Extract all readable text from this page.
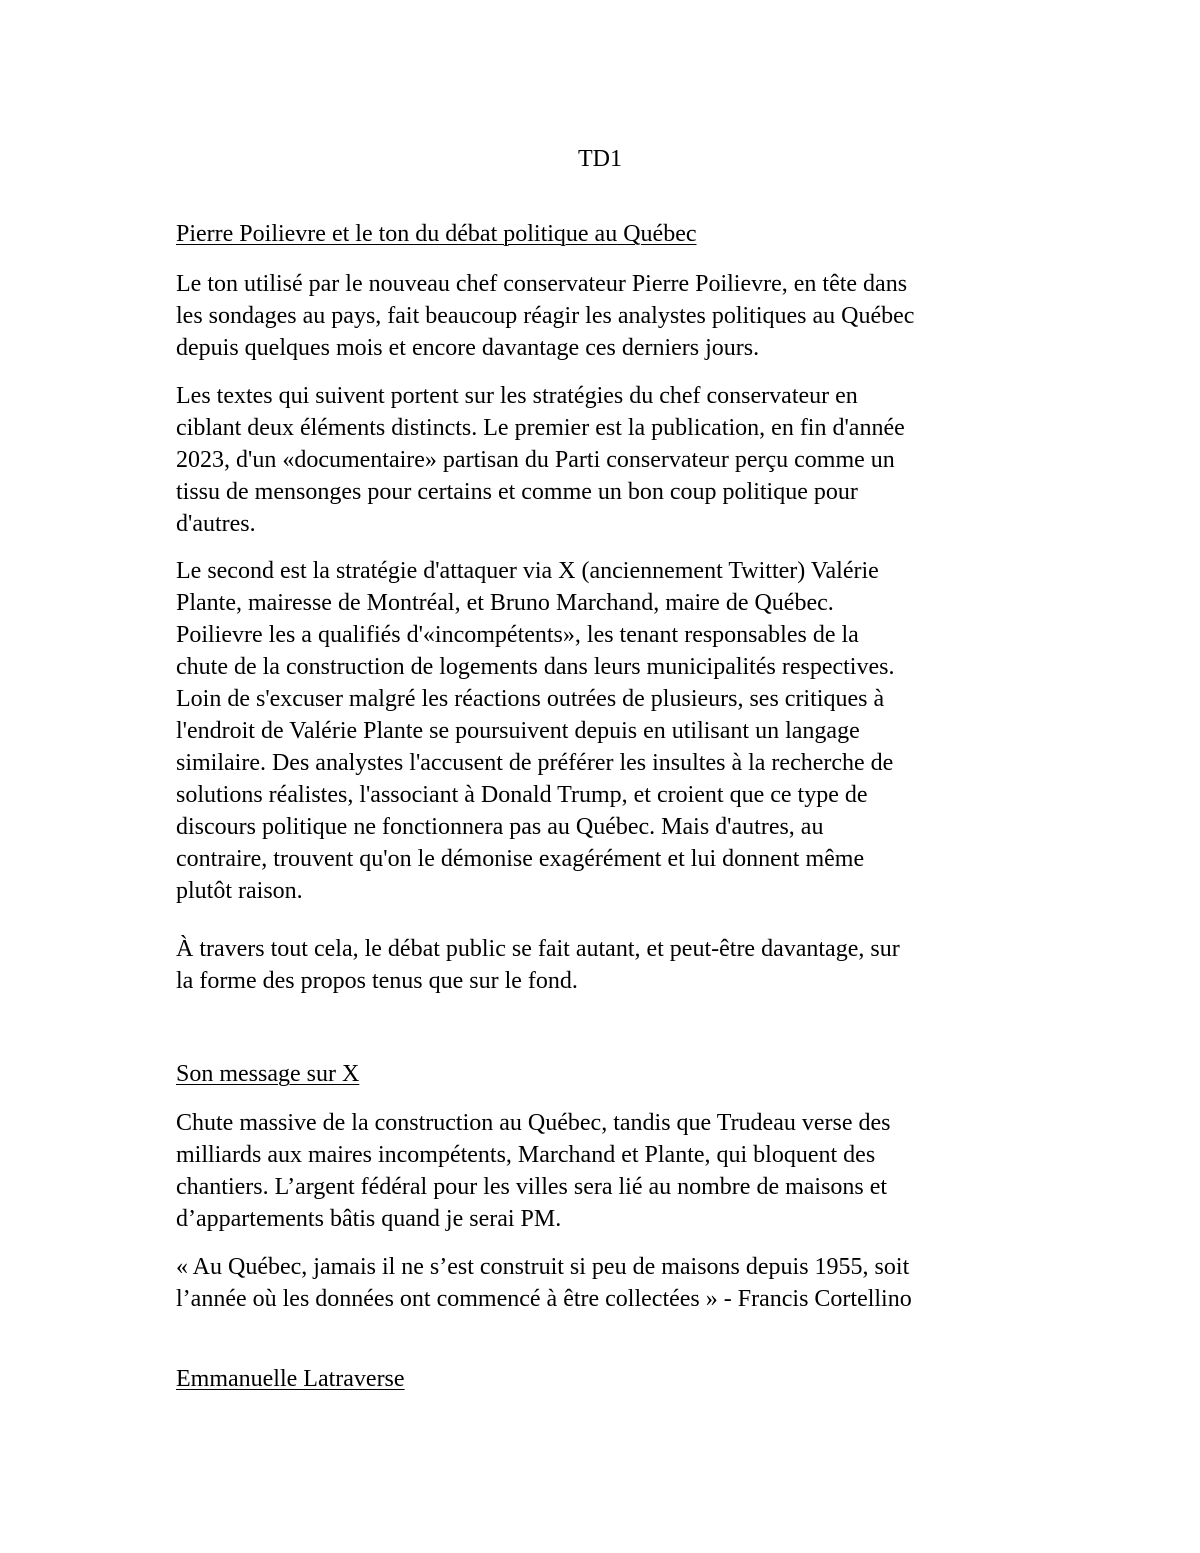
TD1
Pierre Poilievre et le ton du débat politique au Québec
Le ton utilisé par le nouveau chef conservateur Pierre Poilievre, en tête dans
les sondages au pays, fait beaucoup réagir les analystes politiques au Québec
depuis quelques mois et encore davantage ces derniers jours.
Les textes qui suivent portent sur les stratégies du chef conservateur en
ciblant deux éléments distincts. Le premier est la publication, en fin d'année
2023, d'un «documentaire» partisan du Parti conservateur perçu comme un
tissu de mensonges pour certains et comme un bon coup politique pour
d'autres.
Le second est la stratégie d'attaquer via X (anciennement Twitter) Valérie
Plante, mairesse de Montréal, et Bruno Marchand, maire de Québec.
Poilievre les a qualifiés d'«incompétents», les tenant responsables de la
chute de la construction de logements dans leurs municipalités respectives.
Loin de s'excuser malgré les réactions outrées de plusieurs, ses critiques à
l'endroit de Valérie Plante se poursuivent depuis en utilisant un langage
similaire. Des analystes l'accusent de préférer les insultes à la recherche de
solutions réalistes, l'associant à Donald Trump, et croient que ce type de
discours politique ne fonctionnera pas au Québec. Mais d'autres, au
contraire, trouvent qu'on le démonise exagérément et lui donnent même
plutôt raison.
À travers tout cela, le débat public se fait autant, et peut-être davantage, sur
la forme des propos tenus que sur le fond.
Son message sur X
Chute massive de la construction au Québec, tandis que Trudeau verse des
milliards aux maires incompétents, Marchand et Plante, qui bloquent des
chantiers. L’argent fédéral pour les villes sera lié au nombre de maisons et
d’appartements bâtis quand je serai PM.
« Au Québec, jamais il ne s’est construit si peu de maisons depuis 1955, soit
l’année où les données ont commencé à être collectées » - Francis Cortellino
Emmanuelle Latraverse
